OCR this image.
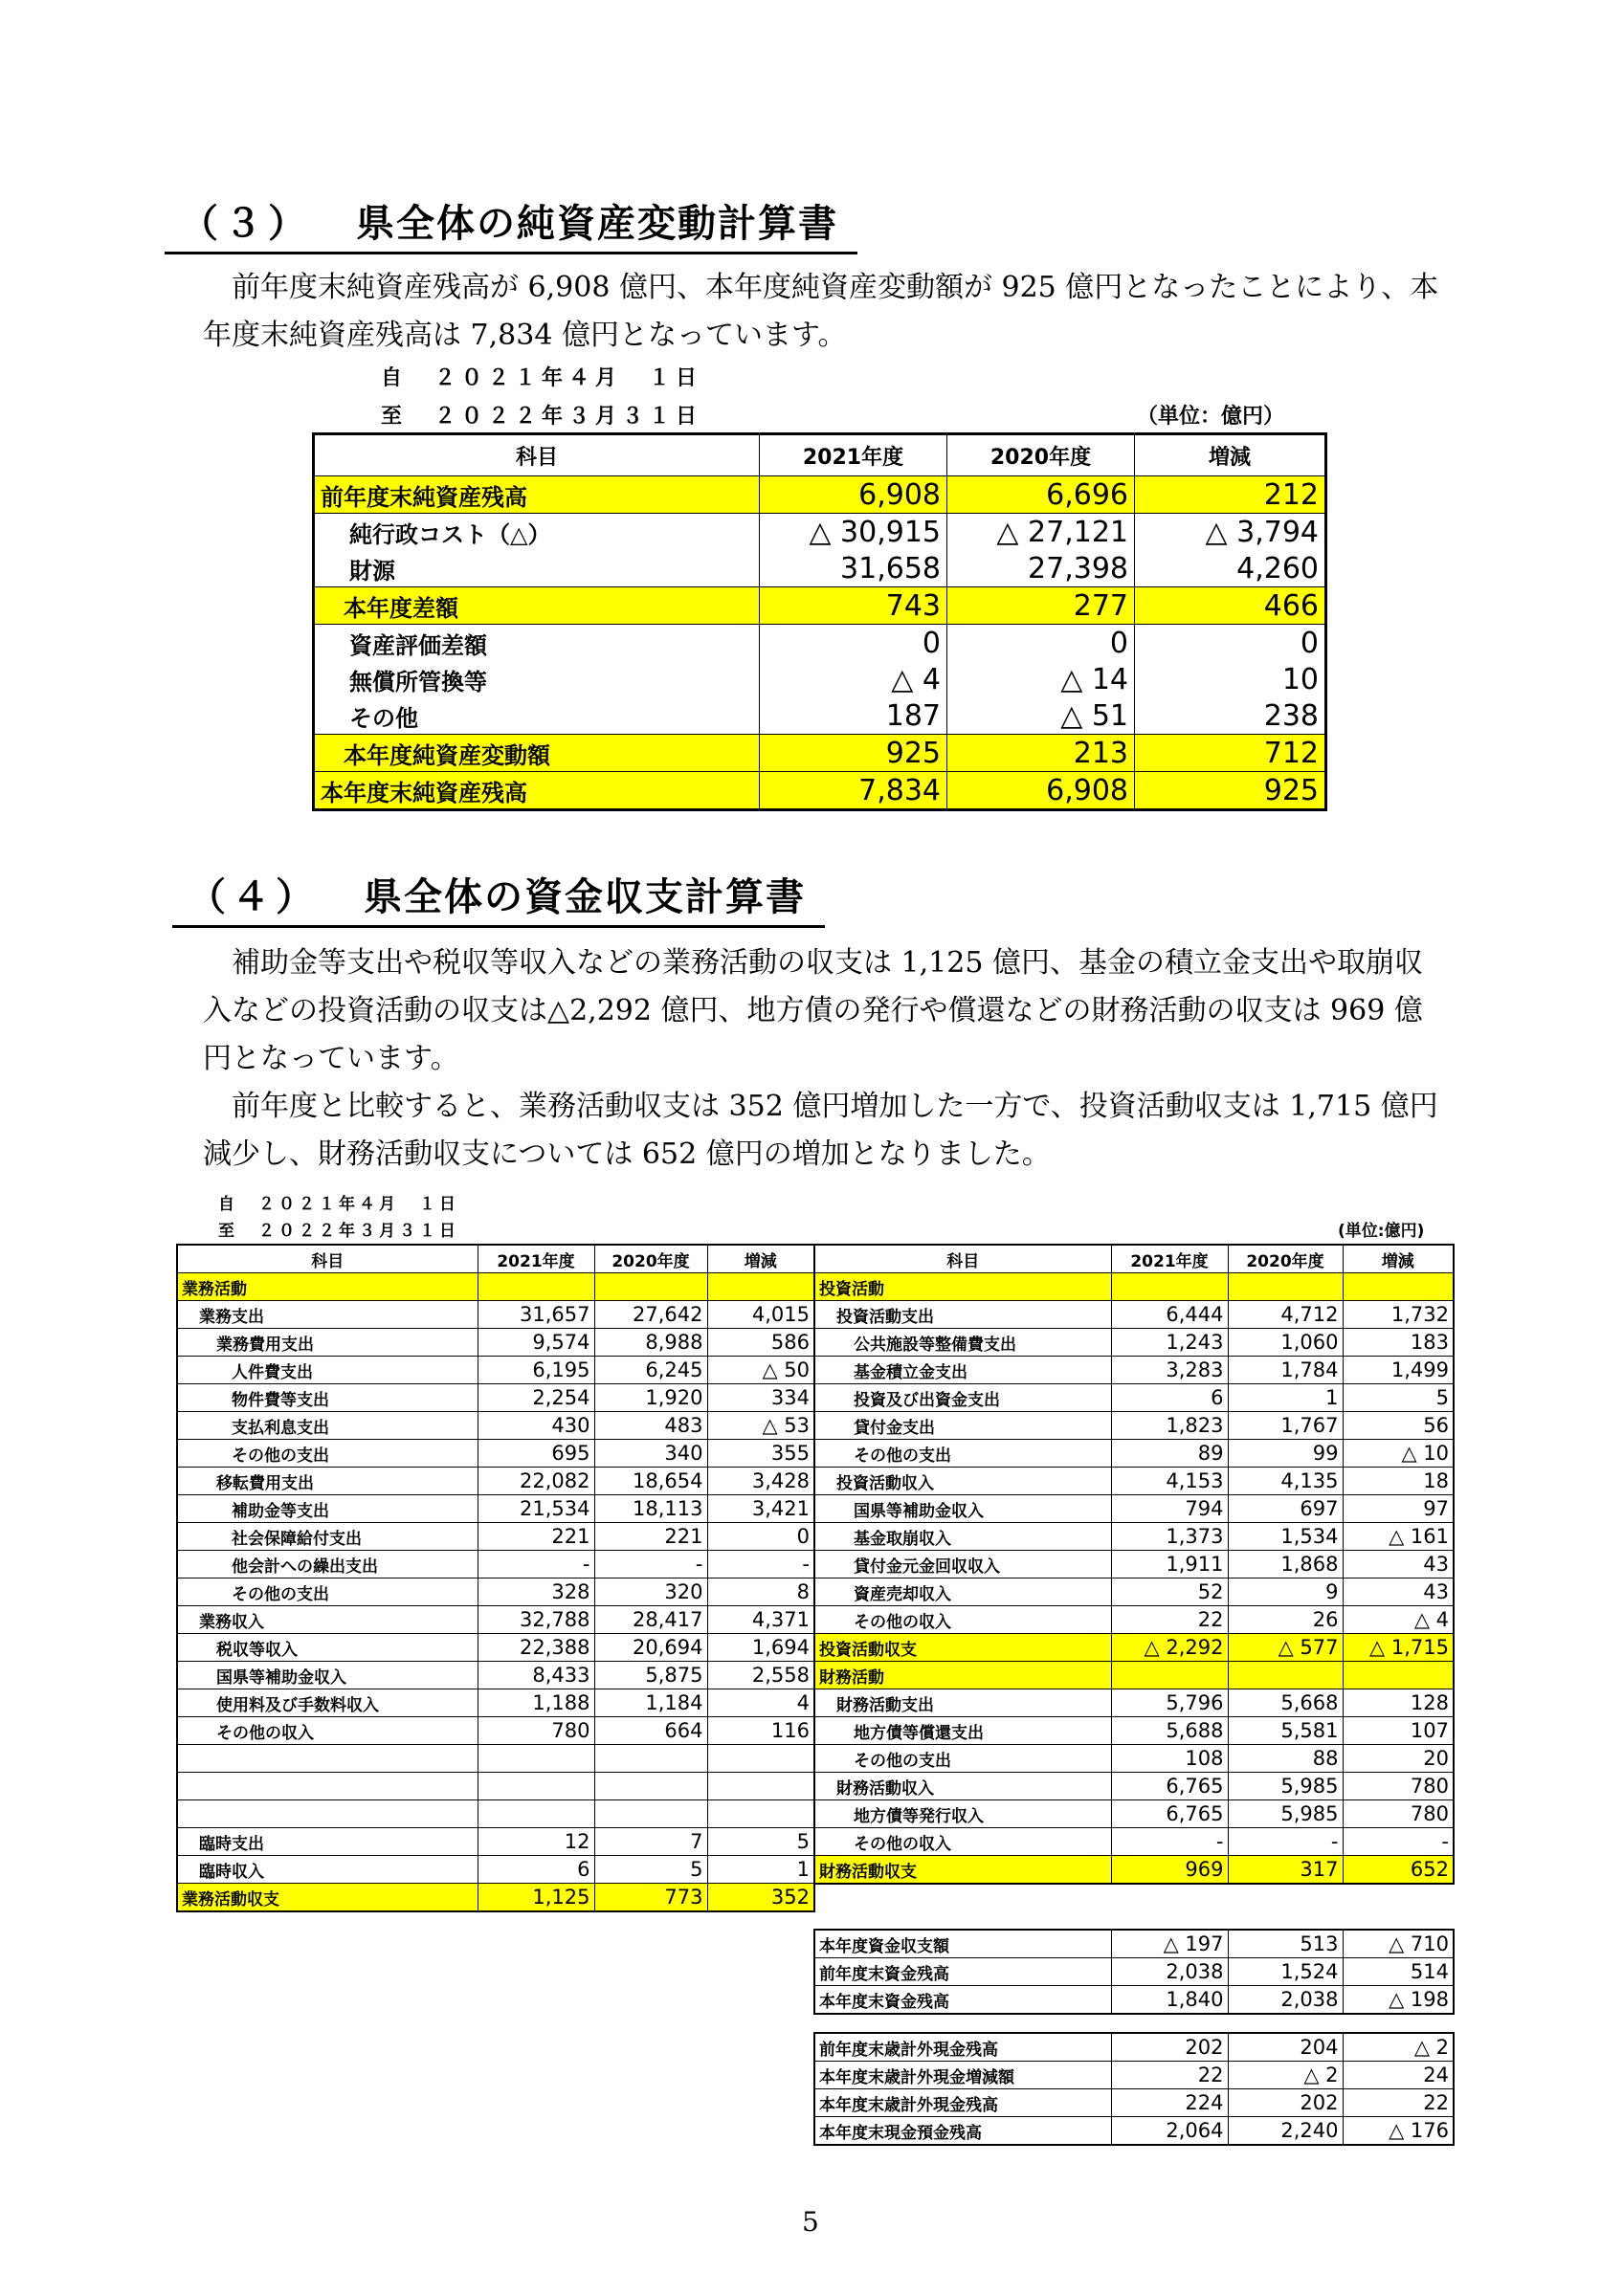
（３） 県全体の純資産変動計算書

前年度末純資産残高が 6,908 億円、本年度純資産変動額が 925 億円となったことにより、本

年度末純資産残高は 7,834 億円となっています。

自　２０２１年４月　１日
至　２０２２年３月３１日	（単位：億円）
科目	2021年度	2020年度	増減
前年度末純資産残高	6,908	6,696	212
純行政コスト（△）	△ 30,915	△ 27,121	△ 3,794
財源	31,658	27,398	4,260
本年度差額	743	277	466
資産評価差額	0	0	0
無償所管換等	△ 4	△ 14	10
その他	187	△ 51	238
本年度純資産変動額	925	213	712
本年度末純資産残高	7,834	6,908	925
（４） 県全体の資金収支計算書

補助金等支出や税収等収入などの業務活動の収支は 1,125 億円、基金の積立金支出や取崩収

入などの投資活動の収支は△2,292 億円、地方債の発行や償還などの財務活動の収支は 969 億

円となっています。

前年度と比較すると、業務活動収支は 352 億円増加した一方で、投資活動収支は 1,715 億円

減少し、財務活動収支については 652 億円の増加となりました。

自　２０２１年４月　１日
至　２０２２年３月３１日	(単位:億円)
科目	2021年度	2020年度	増減
業務活動			
業務支出	31,657	27,642	4,015
業務費用支出	9,574	8,988	586
人件費支出	6,195	6,245	△ 50
物件費等支出	2,254	1,920	334
支払利息支出	430	483	△ 53
その他の支出	695	340	355
移転費用支出	22,082	18,654	3,428
補助金等支出	21,534	18,113	3,421
社会保障給付支出	221	221	0
他会計への繰出支出	-	-	-
その他の支出	328	320	8
業務収入	32,788	28,417	4,371
税収等収入	22,388	20,694	1,694
国県等補助金収入	8,433	5,875	2,558
使用料及び手数料収入	1,188	1,184	4
その他の収入	780	664	116

臨時支出	12	7	5
臨時収入	6	5	1
業務活動収支	1,125	773	352
科目	2021年度	2020年度	増減
投資活動			
投資活動支出	6,444	4,712	1,732
公共施設等整備費支出	1,243	1,060	183
基金積立金支出	3,283	1,784	1,499
投資及び出資金支出	6	1	5
貸付金支出	1,823	1,767	56
その他の支出	89	99	△ 10
投資活動収入	4,153	4,135	18
国県等補助金収入	794	697	97
基金取崩収入	1,373	1,534	△ 161
貸付金元金回収収入	1,911	1,868	43
資産売却収入	52	9	43
その他の収入	22	26	△ 4
投資活動収支	△ 2,292	△ 577	△ 1,715
財務活動			
財務活動支出	5,796	5,668	128
地方債等償還支出	5,688	5,581	107
その他の支出	108	88	20
財務活動収入	6,765	5,985	780
地方債等発行収入	6,765	5,985	780
その他の収入	-	-	-
財務活動収支	969	317	652
本年度資金収支額	△ 197	513	△ 710
前年度末資金残高	2,038	1,524	514
本年度末資金残高	1,840	2,038	△ 198
前年度末歳計外現金残高	202	204	△ 2
本年度末歳計外現金増減額	22	△ 2	24
本年度末歳計外現金残高	224	202	22
本年度末現金預金残高	2,064	2,240	△ 176
5
